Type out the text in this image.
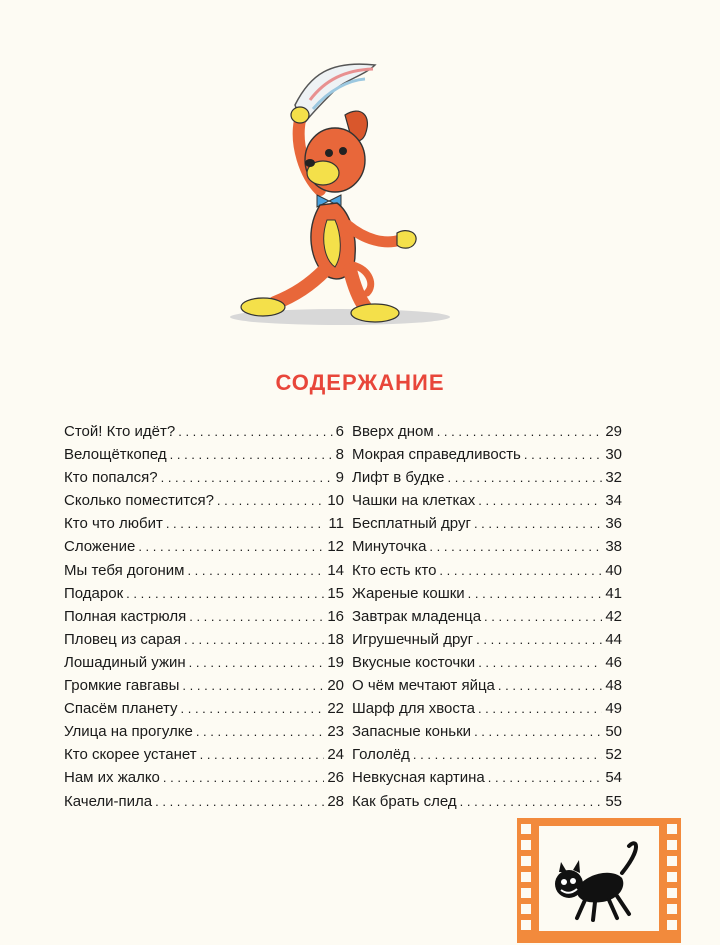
СОДЕРЖАНИЕ
Стой! Кто идёт? . . .	6
Велощёткопед . . .	8
Кто попался? . . .	9
Сколько поместится? . . .	10
Кто что любит . . .	11
Сложение . . .	12
Мы тебя догоним . . .	14
Подарок . . .	15
Полная кастрюля . . .	16
Пловец из сарая . . .	18
Лошадиный ужин . . .	19
Громкие гавгавы . . .	20
Спасём планету . . .	22
Улица на прогулке . . .	23
Кто скорее устанет . . .	24
Нам их жалко . . .	26
Качели-пила . . .	28
Вверх дном . . .	29
Мокрая справедливость . . .	30
Лифт в будке . . .	32
Чашки на клетках . . .	34
Бесплатный друг . . .	36
Минуточка . . .	38
Кто есть кто . . .	40
Жареные кошки . . .	41
Завтрак младенца . . .	42
Игрушечный друг . . .	44
Вкусные косточки . . .	46
О чём мечтают яйца . . .	48
Шарф для хвоста . . .	49
Запасные коньки . . .	50
Гололёд . . .	52
Невкусная картина . . .	54
Как брать след . . .	55
